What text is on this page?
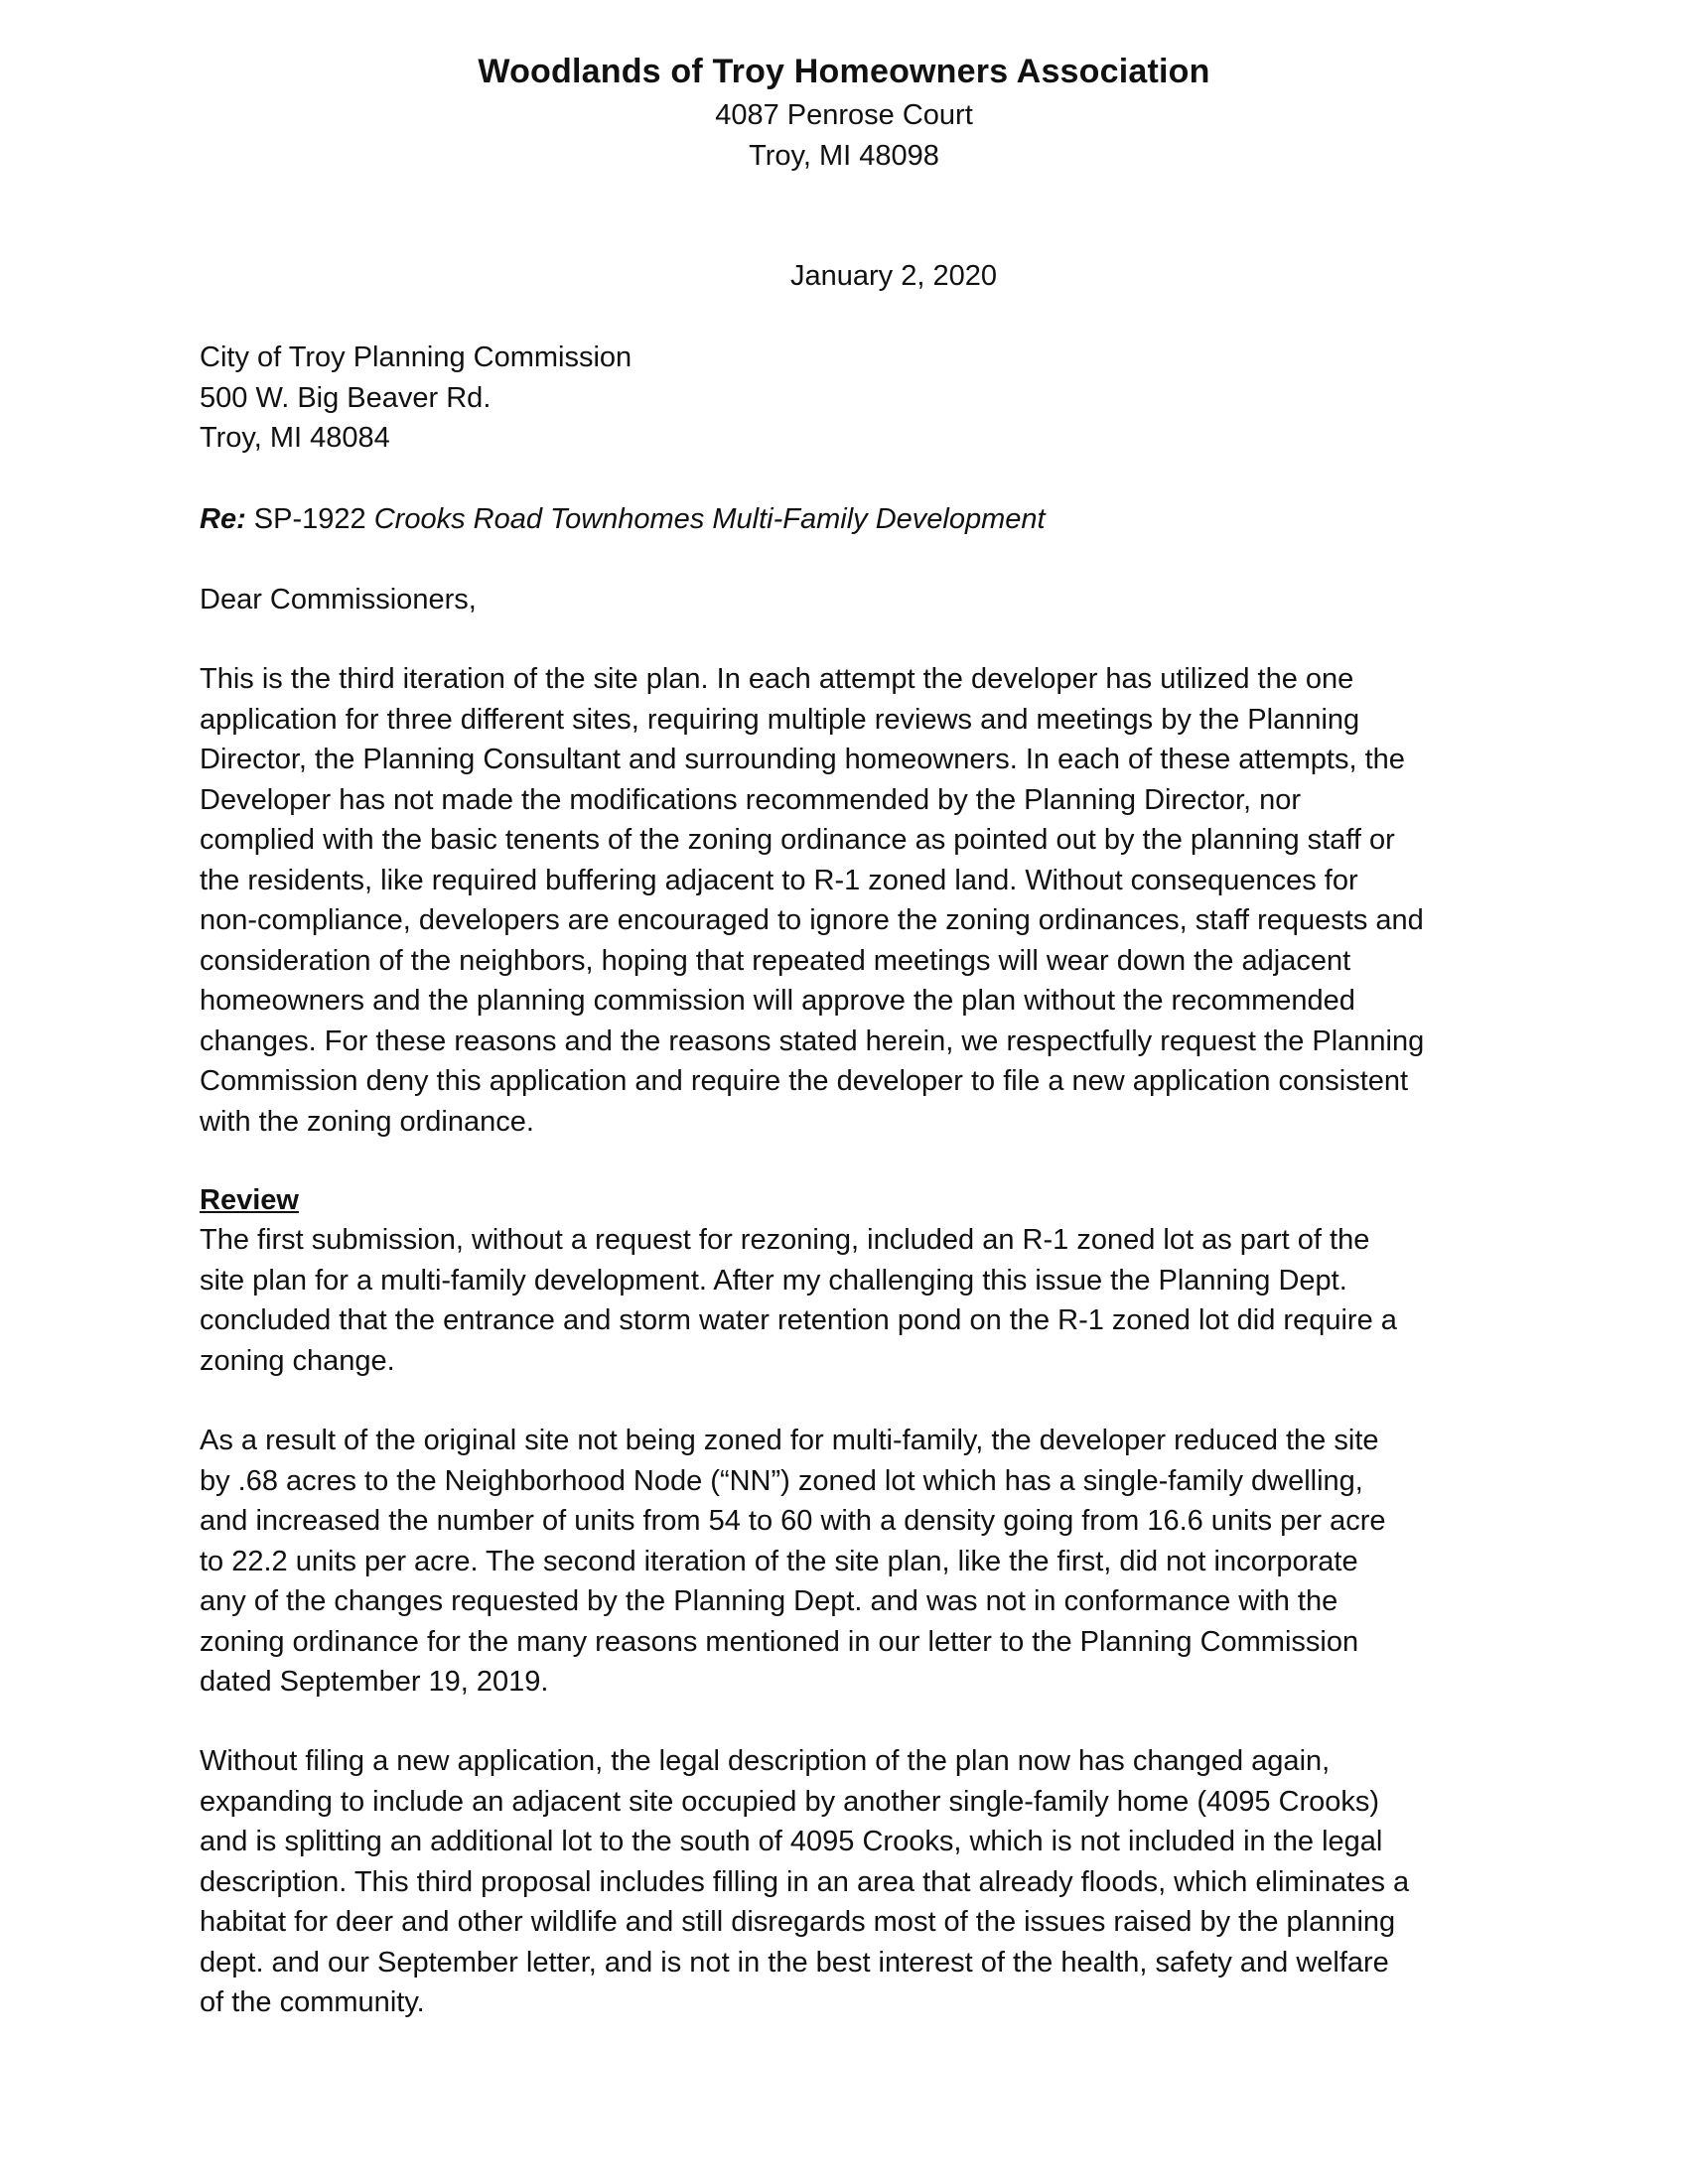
Woodlands of Troy Homeowners Association
4087 Penrose Court
Troy, MI 48098
January 2, 2020
City of Troy Planning Commission
500 W. Big Beaver Rd.
Troy, MI 48084
Re: SP-1922 Crooks Road Townhomes Multi-Family Development
Dear Commissioners,
This is the third iteration of the site plan. In each attempt the developer has utilized the one
application for three different sites, requiring multiple reviews and meetings by the Planning
Director, the Planning Consultant and surrounding homeowners. In each of these attempts, the
Developer has not made the modifications recommended by the Planning Director, nor
complied with the basic tenents of the zoning ordinance as pointed out by the planning staff or
the residents, like required buffering adjacent to R-1 zoned land. Without consequences for
non-compliance, developers are encouraged to ignore the zoning ordinances, staff requests and
consideration of the neighbors, hoping that repeated meetings will wear down the adjacent
homeowners and the planning commission will approve the plan without the recommended
changes. For these reasons and the reasons stated herein, we respectfully request the Planning
Commission deny this application and require the developer to file a new application consistent
with the zoning ordinance.
Review
The first submission, without a request for rezoning, included an R-1 zoned lot as part of the
site plan for a multi-family development. After my challenging this issue the Planning Dept.
concluded that the entrance and storm water retention pond on the R-1 zoned lot did require a
zoning change.
As a result of the original site not being zoned for multi-family, the developer reduced the site
by .68 acres to the Neighborhood Node (“NN”) zoned lot which has a single-family dwelling,
and increased the number of units from 54 to 60 with a density going from 16.6 units per acre
to 22.2 units per acre. The second iteration of the site plan, like the first, did not incorporate
any of the changes requested by the Planning Dept. and was not in conformance with the
zoning ordinance for the many reasons mentioned in our letter to the Planning Commission
dated September 19, 2019.
Without filing a new application, the legal description of the plan now has changed again,
expanding to include an adjacent site occupied by another single-family home (4095 Crooks)
and is splitting an additional lot to the south of 4095 Crooks, which is not included in the legal
description. This third proposal includes filling in an area that already floods, which eliminates a
habitat for deer and other wildlife and still disregards most of the issues raised by the planning
dept. and our September letter, and is not in the best interest of the health, safety and welfare
of the community.
